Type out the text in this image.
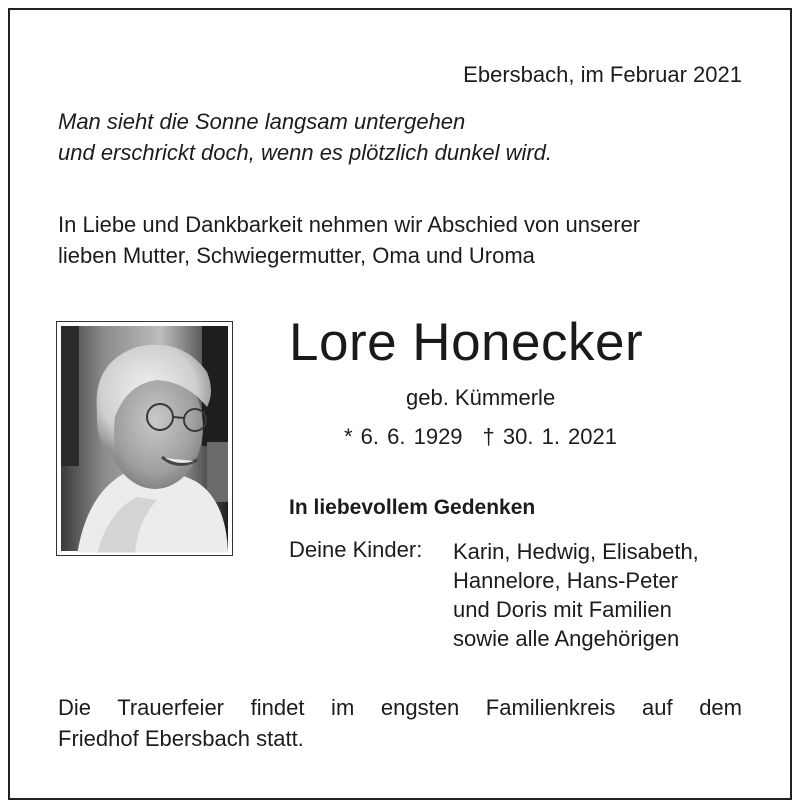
Ebersbach, im Februar 2021
Man sieht die Sonne langsam untergehen
und erschrickt doch, wenn es plötzlich dunkel wird.
In Liebe und Dankbarkeit nehmen wir Abschied von unserer
lieben Mutter, Schwiegermutter, Oma und Uroma
Lore Honecker
geb. Kümmerle
* 6. 6. 1929 † 30. 1. 2021
In liebevollem Gedenken
Deine Kinder: Karin, Hedwig, Elisabeth,
Hannelore, Hans-Peter
und Doris mit Familien
sowie alle Angehörigen
Die Trauerfeier findet im engsten Familienkreis auf dem
Friedhof Ebersbach statt.
